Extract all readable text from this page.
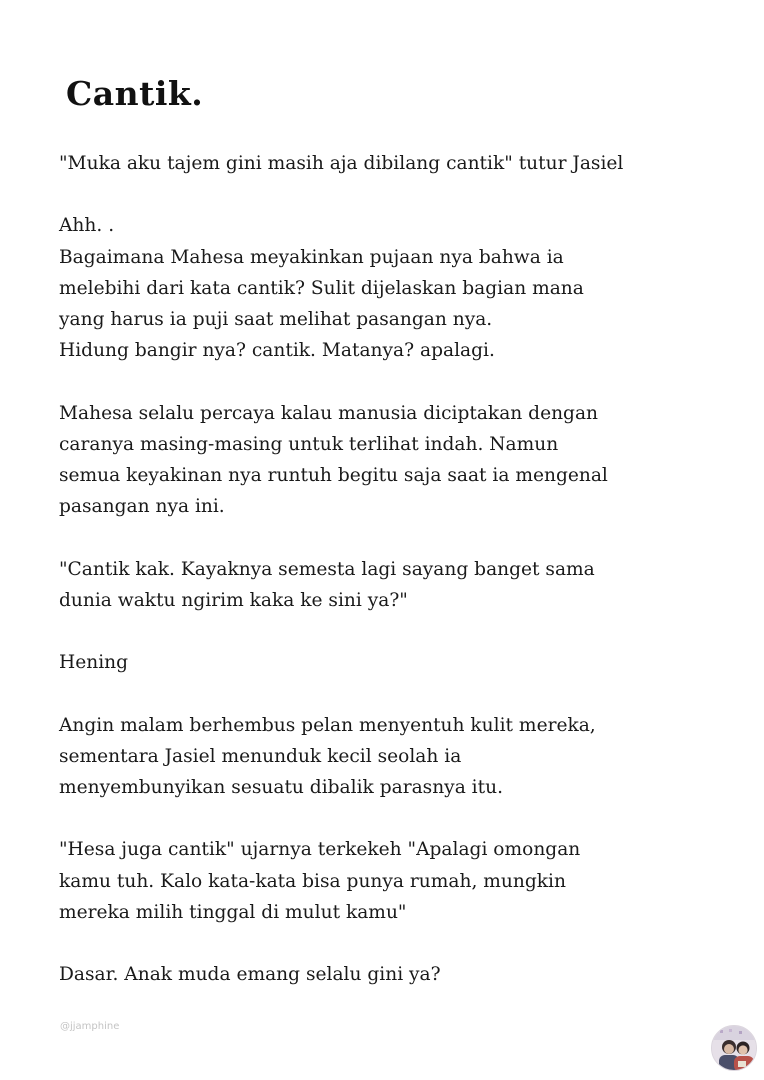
Cantik.

"Muka aku tajem gini masih aja dibilang cantik" tutur Jasiel

Ahh. .
Bagaimana Mahesa meyakinkan pujaan nya bahwa ia
melebihi dari kata cantik? Sulit dijelaskan bagian mana
yang harus ia puji saat melihat pasangan nya.
Hidung bangir nya? cantik. Matanya? apalagi.

Mahesa selalu percaya kalau manusia diciptakan dengan
caranya masing-masing untuk terlihat indah. Namun
semua keyakinan nya runtuh begitu saja saat ia mengenal
pasangan nya ini.

"Cantik kak. Kayaknya semesta lagi sayang banget sama
dunia waktu ngirim kaka ke sini ya?"

Hening

Angin malam berhembus pelan menyentuh kulit mereka,
sementara Jasiel menunduk kecil seolah ia
menyembunyikan sesuatu dibalik parasnya itu.

"Hesa juga cantik" ujarnya terkekeh "Apalagi omongan
kamu tuh. Kalo kata-kata bisa punya rumah, mungkin
mereka milih tinggal di mulut kamu"

Dasar. Anak muda emang selalu gini ya?

@jjamphine
